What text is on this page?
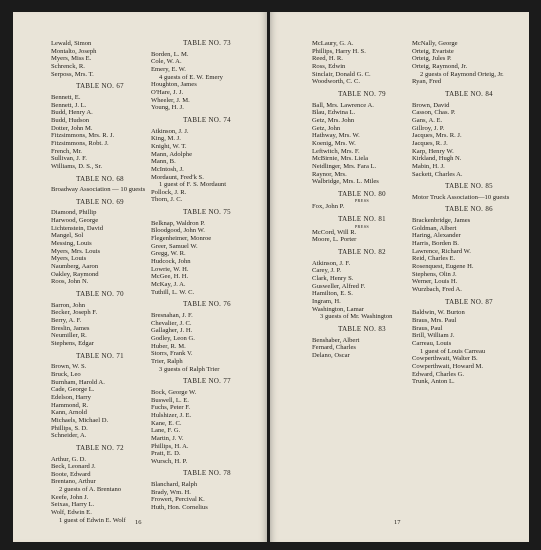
Lewald, Simon
Montalto, Joseph
Myers, Miss E.
Schrenck, R.
Serposs, Mrs. T.
TABLE NO. 67
Bennett, E.
Bennett, J. L.
Budd, Henry A.
Budd, Hudson
Dotter, John M.
Fitzsimmons, Mrs. R. J.
Fitzsimmons, Robt. J.
French, Mr.
Sullivan, J. F.
Williams, D. S., Sr.
TABLE NO. 68
Broadway Association — 10 guests
TABLE NO. 69
Diamond, Phillip
Harwood, George
Lichtenstein, David
Mangel, Sol
Messing, Louis
Myers, Mrs. Louis
Myers, Louis
Naumberg, Aaron
Oakley, Raymond
Roos, John N.
TABLE NO. 70
Barron, John
Becker, Joseph F.
Berry, A. F.
Breslin, James
Neumiller, R.
Stephens, Edgar
TABLE NO. 71
Brown, W. S.
Bruck, Leo
Burnham, Harold A.
Cade, George L.
Edelson, Harry
Hammond, R.
Kann, Arnold
Michaels, Michael D.
Phillips, S. D.
Schneider, A.
TABLE NO. 72
Arthur, G. D.
Beck, Leonard J.
Boote, Edward
Brentano, Arthur
2 guests of A. Brentano
Keefe, John J.
Seixas, Harry L.
Wolf, Edwin E.
1 guest of Edwin E. Wolf
TABLE NO. 73
Borden, L. M.
Cole, W. A.
Emery, E. W.
4 guests of E. W. Emery
Houghton, James
O'Hare, J. J.
Wheeler, J. M.
Young, H. J.
TABLE NO. 74
Atkinson, J. J.
King, M. J.
Knight, W. T.
Mann, Adolphe
Mann, B.
McIntosh, J.
Mordaunt, Fred'k S.
1 guest of F. S. Mordaunt
Pollock, J. R.
Thorn, J. C.
TABLE NO. 75
Belknap, Waldron P.
Bloodgood, John W.
Flegenheimer, Monroe
Greer, Samuel W.
Gregg, W. R.
Hudcock, John
Lowrie, W. H.
McGee, H. H.
McKay, J. A.
Tuthill, L. W. C.
TABLE NO. 76
Bresnahan, J. F.
Chevalier, J. C.
Gallagher, J. H.
Godley, Leon G.
Huber, R. M.
Storrs, Frank V.
Trier, Ralph
3 guests of Ralph Trier
TABLE NO. 77
Bock, George W.
Buswell, L. E.
Fuchs, Peter F.
Hulshizer, J. E.
Kane, E. C.
Lane, F. G.
Martin, J. V.
Phillips, H. A.
Pratt, E. D.
Wursch, H. P.
TABLE NO. 78
Blanchard, Ralph
Brady, Wm. H.
Frowert, Percival K.
Huth, Hon. Cornelius
16
McLaury, G. A.
Phillips, Harry H. S.
Reed, H. R.
Ross, Edwin
Sinclair, Donald G. C.
Woodworth, C. C.
TABLE NO. 79
Ball, Mrs. Lawrence A.
Blau, Edwina L.
Getz, Mrs. John
Getz, John
Hathway, Mrs. W.
Koenig, Mrs. W.
Leftwitch, Mrs. F.
McBirnie, Mrs. Liela
Neidlinger, Mrs. Fara L.
Raynor, Mrs.
Walbridge, Mrs. L. Miles
TABLE NO. 80
PRESS
Fox, John P.
TABLE NO. 81
PRESS
McCord, Will R.
Moore, L. Porter
TABLE NO. 82
Atkinson, J. F.
Carey, J. P.
Clark, Henry S.
Gusweller, Alfred F.
Hamilton, E. S.
Ingram, H.
Washington, Lamar
3 guests of Mr. Washington
TABLE NO. 83
Benshaber, Albert
Fernard, Charles
Delano, Oscar
McNally, George
Orteig, Evariste
Orteig, Jules P.
Orteig, Raymond, Jr.
2 guests of Raymond Orteig, Jr.
Ryan, Fred
TABLE NO. 84
Brown, David
Casson, Chas. P.
Gans, A. E.
Gillroy, J. P.
Jacques, Mrs. R. J.
Jacques, R. J.
Karp, Henry W.
Kirkland, Hugh N.
Mabin, H. J.
Sackett, Charles A.
TABLE NO. 85
Motor Truck Association—10 guests
TABLE NO. 86
Brackenbridge, James
Goldman, Albert
Haring, Alexander
Harris, Borden B.
Lawrence, Richard W.
Reid, Charles E.
Rosenquest, Eugene H.
Stephens, Olin J.
Werner, Louis H.
Wurzbach, Fred A.
TABLE NO. 87
Baldwin, W. Burton
Braus, Mrs. Paul
Braus, Paul
Brill, William J.
Carreau, Louis
1 guest of Louis Carreau
Cowperthwait, Walter B.
Cowperthwait, Howard M.
Edward, Charles G.
Trunk, Anton L.
17
